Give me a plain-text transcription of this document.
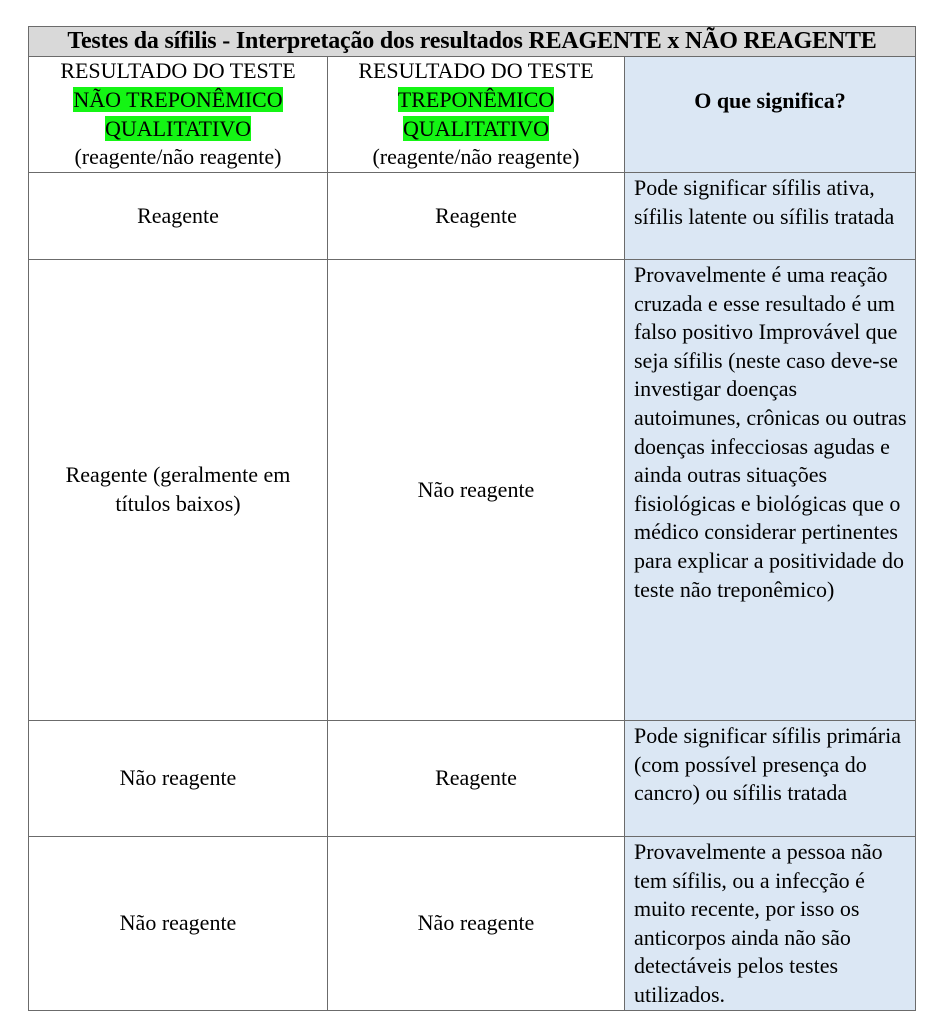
Testes da sífilis - Interpretação dos resultados REAGENTE x NÃO REAGENTE		

RESULTADO DO TESTE
NÃO TREPONÊMICO
QUALITATIVO
(reagente/não reagente)	RESULTADO DO TESTE
TREPONÊMICO
QUALITATIVO
(reagente/não reagente)	O que significa?
Reagente	Reagente	Pode significar sífilis ativa, sífilis latente ou sífilis tratada
Reagente (geralmente em títulos baixos)	Não reagente	Provavelmente é uma reação cruzada e esse resultado é um falso positivo Improvável que seja sífilis (neste caso deve-se investigar doenças autoimunes, crônicas ou outras doenças infecciosas agudas e ainda outras situações fisiológicas e biológicas que o médico considerar pertinentes para explicar a positividade do teste não treponêmico)
Não reagente	Reagente	Pode significar sífilis primária (com possível presença do cancro) ou sífilis tratada
Não reagente	Não reagente	Provavelmente a pessoa não tem sífilis, ou a infecção é muito recente, por isso os anticorpos ainda não são detectáveis pelos testes utilizados.
